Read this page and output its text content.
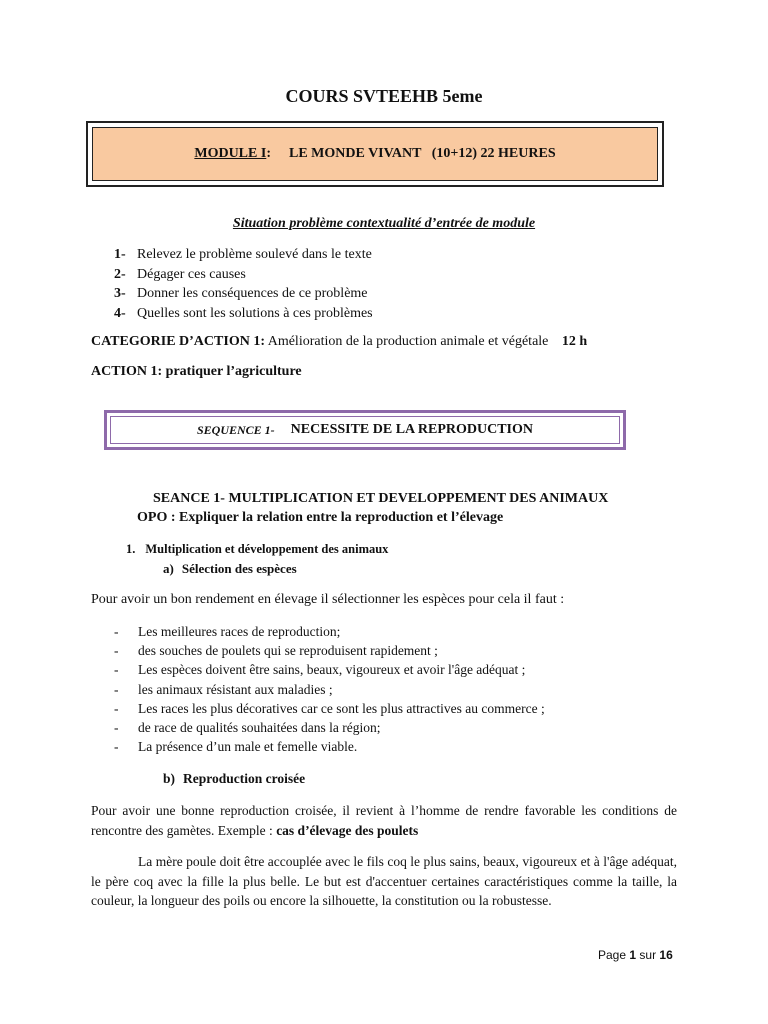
COURS SVTEEHB 5eme
MODULE I : LE MONDE VIVANT   (10+12) 22 HEURES
Situation problème contextualité d’entrée de module
1- Relevez le problème soulevé dans le texte
2- Dégager ces causes
3- Donner les conséquences de ce problème
4- Quelles sont les solutions à ces problèmes
CATEGORIE D’ACTION 1: Amélioration de la production animale et végétale 12 h
ACTION 1: pratiquer l’agriculture
SEQUENCE 1- NECESSITE DE LA REPRODUCTION
SEANCE 1- MULTIPLICATION ET DEVELOPPEMENT DES ANIMAUX
OPO : Expliquer la relation entre la reproduction et l’élevage
1. Multiplication et développement des animaux
a) Sélection des espèces
Pour avoir un bon rendement en élevage il sélectionner les espèces pour cela il faut :
- Les meilleures races de reproduction;
- des souches de poulets qui se reproduisent rapidement ;
- Les espèces doivent être sains, beaux, vigoureux et avoir l'âge adéquat ;
- les animaux résistant aux maladies ;
- Les races les plus décoratives car ce sont les plus attractives au commerce ;
- de race de qualités souhaitées dans la région;
- La présence d’un male et femelle viable.
b) Reproduction croisée
Pour avoir une bonne reproduction croisée, il revient à l’homme de rendre favorable les conditions de rencontre des gamètes. Exemple : cas d’élevage des poulets
La mère poule doit être accouplée avec le fils coq le plus sains, beaux, vigoureux et à l'âge adéquat, le père coq avec la fille la plus belle. Le but est d'accentuer certaines caractéristiques comme la taille, la couleur, la longueur des poils ou encore la silhouette, la constitution ou la robustesse.
Page 1 sur 16
